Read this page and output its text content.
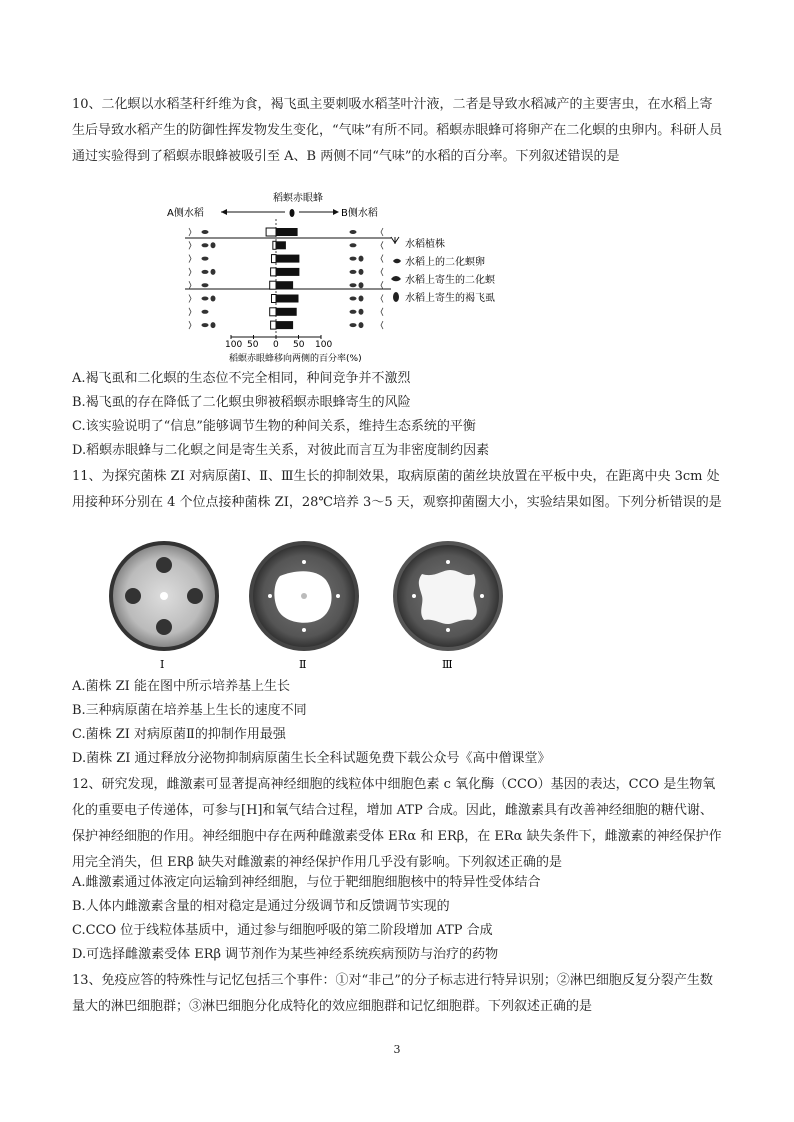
10、二化螟以水稻茎秆纤维为食，褐飞虱主要刺吸水稻茎叶汁液，二者是导致水稻减产的主要害虫，在水稻上寄生后导致水稻产生的防御性挥发物发生变化，“气味”有所不同。稻螟赤眼蜂可将卵产在二化螟的虫卵内。科研人员通过实验得到了稻螟赤眼蜂被吸引至 A、B 两侧不同“气味”的水稻的百分率。下列叙述错误的是

稻螟赤眼蜂
A侧水稻	B侧水稻
100 50 0 50 100
稻螟赤眼蜂移向两侧的百分率(%)
水稻植株
水稻上的二化螟卵
水稻上寄生的二化螟
水稻上寄生的褐飞虱

A.褐飞虱和二化螟的生态位不完全相同，种间竞争并不激烈

B.褐飞虱的存在降低了二化螟虫卵被稻螟赤眼蜂寄生的风险

C.该实验说明了“信息”能够调节生物的种间关系，维持生态系统的平衡

D.稻螟赤眼蜂与二化螟之间是寄生关系，对彼此而言互为非密度制约因素

11、为探究菌株 ZI 对病原菌Ⅰ、Ⅱ、Ⅲ生长的抑制效果，取病原菌的菌丝块放置在平板中央，在距离中央 3cm 处用接种环分别在 4 个位点接种菌株 ZI，28℃培养 3～5 天，观察抑菌圈大小，实验结果如图。下列分析错误的是

Ⅰ	Ⅱ	Ⅲ

A.菌株 ZI 能在图中所示培养基上生长

B.三种病原菌在培养基上生长的速度不同

C.菌株 ZI 对病原菌Ⅱ的抑制作用最强

D.菌株 ZI 通过释放分泌物抑制病原菌生长全科试题免费下载公众号《高中僧课堂》

12、研究发现，雌激素可显著提高神经细胞的线粒体中细胞色素 c 氧化酶（CCO）基因的表达，CCO 是生物氧化的重要电子传递体，可参与[H]和氧气结合过程，增加 ATP 合成。因此，雌激素具有改善神经细胞的糖代谢、保护神经细胞的作用。神经细胞中存在两种雌激素受体 ERα 和 ERβ，在 ERα 缺失条件下，雌激素的神经保护作用完全消失，但 ERβ 缺失对雌激素的神经保护作用几乎没有影响。下列叙述正确的是

A.雌激素通过体液定向运输到神经细胞，与位于靶细胞细胞核中的特异性受体结合

B.人体内雌激素含量的相对稳定是通过分级调节和反馈调节实现的

C.CCO 位于线粒体基质中，通过参与细胞呼吸的第二阶段增加 ATP 合成

D.可选择雌激素受体 ERβ 调节剂作为某些神经系统疾病预防与治疗的药物

13、免疫应答的特殊性与记忆包括三个事件：①对“非己”的分子标志进行特异识别；②淋巴细胞反复分裂产生数量大的淋巴细胞群；③淋巴细胞分化成特化的效应细胞群和记忆细胞群。下列叙述正确的是

3
